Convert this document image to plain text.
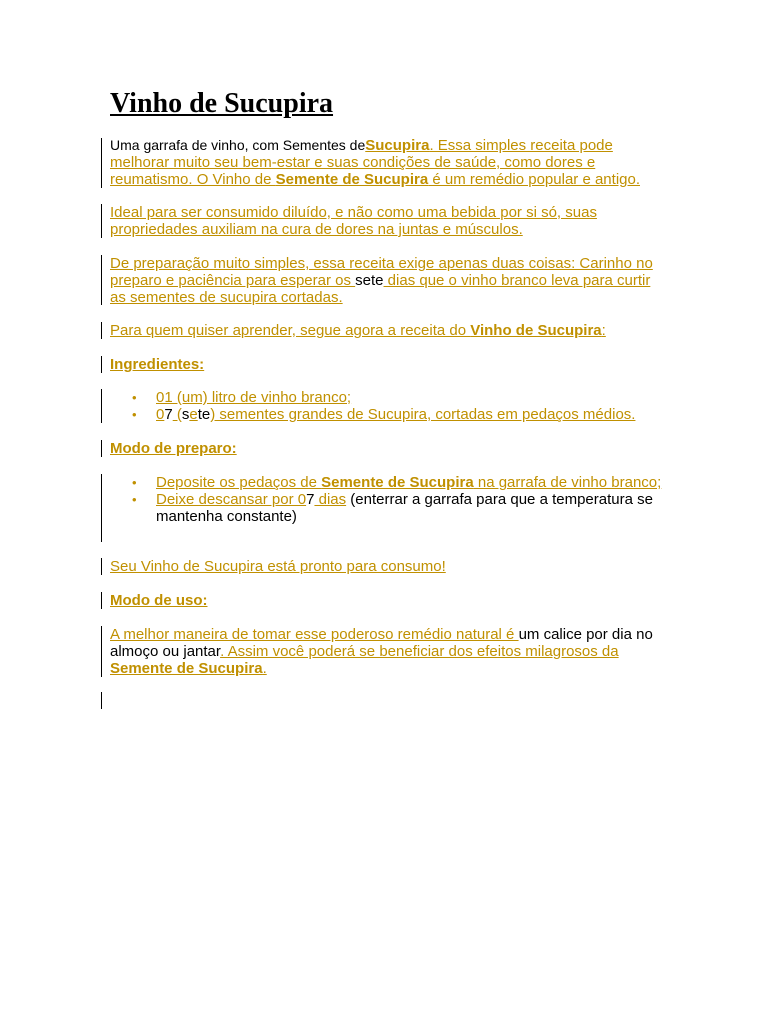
Vinho de Sucupira
Uma garrafa de vinho, com Sementes deSucupira. Essa simples receita pode melhorar muito seu bem-estar e suas condições de saúde, como dores e reumatismo. O Vinho de Semente de Sucupira é um remédio popular e antigo.
Ideal para ser consumido diluído, e não como uma bebida por si só, suas propriedades auxiliam na cura de dores na juntas e músculos.
De preparação muito simples, essa receita exige apenas duas coisas: Carinho no preparo e paciência para esperar os sete dias que o vinho branco leva para curtir as sementes de sucupira cortadas.
Para quem quiser aprender, segue agora a receita do Vinho de Sucupira:
Ingredientes:
• 01 (um) litro de vinho branco;
• 07 (sete) sementes grandes de Sucupira, cortadas em pedaços médios.
Modo de preparo:
• Deposite os pedaços de Semente de Sucupira na garrafa de vinho branco;
• Deixe descansar por 07 dias (enterrar a garrafa para que a temperatura se mantenha constante)
Seu Vinho de Sucupira está pronto para consumo!
Modo de uso:
A melhor maneira de tomar esse poderoso remédio natural é um calice por dia no almoço ou jantar. Assim você poderá se beneficiar dos efeitos milagrosos da Semente de Sucupira.
